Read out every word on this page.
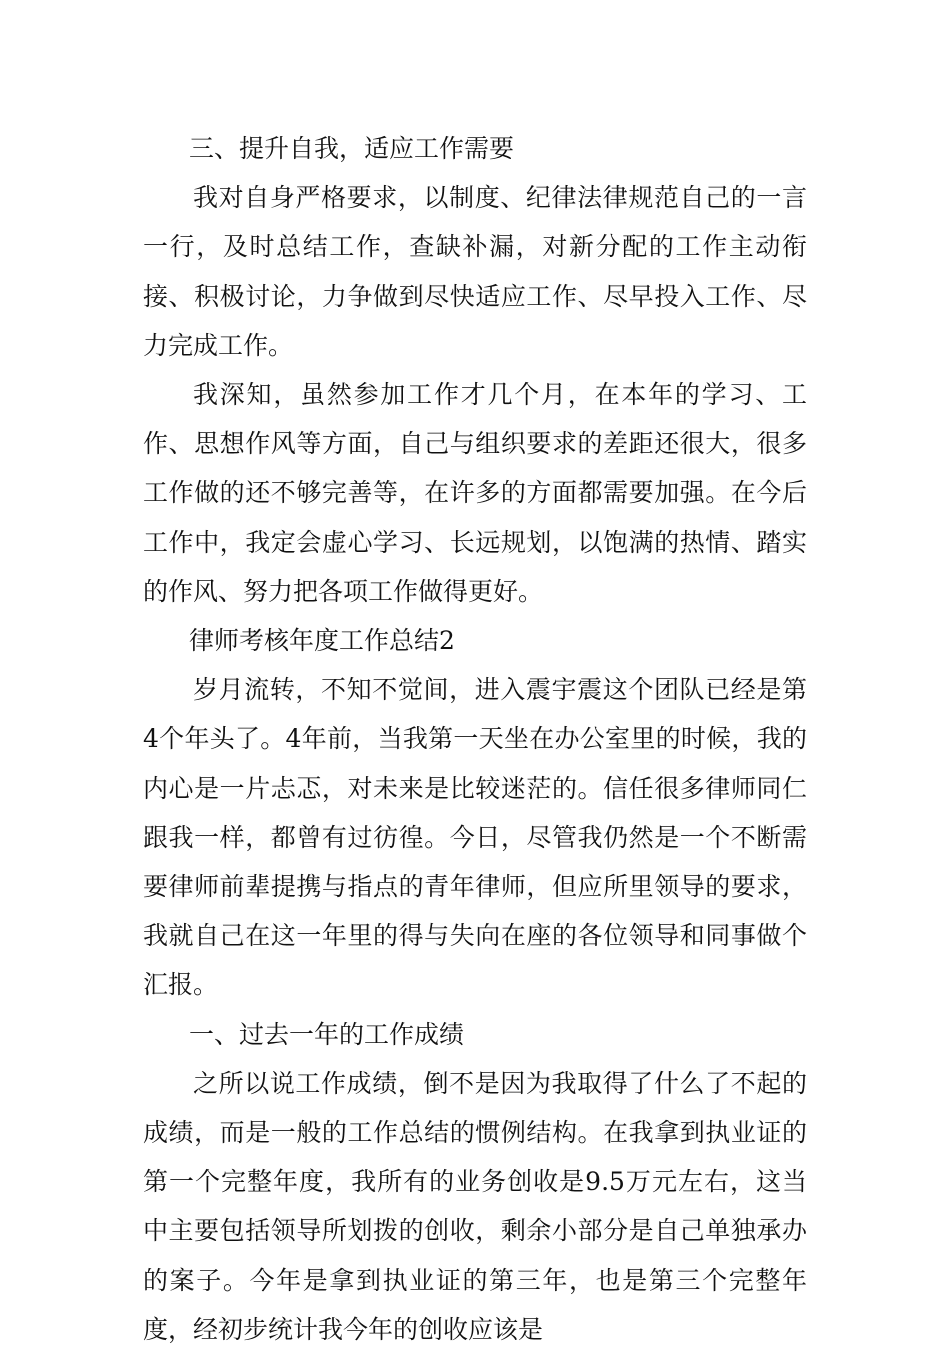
三、提升自我，适应工作需要

我对自身严格要求，以制度、纪律法律规范自己的一言一行，及时总结工作，查缺补漏，对新分配的工作主动衔接、积极讨论，力争做到尽快适应工作、尽早投入工作、尽力完成工作。

我深知，虽然参加工作才几个月，在本年的学习、工作、思想作风等方面，自己与组织要求的差距还很大，很多工作做的还不够完善等，在许多的方面都需要加强。在今后工作中，我定会虚心学习、长远规划，以饱满的热情、踏实的作风、努力把各项工作做得更好。

律师考核年度工作总结2

岁月流转，不知不觉间，进入震宇震这个团队已经是第4个年头了。4年前，当我第一天坐在办公室里的时候，我的内心是一片忐忑，对未来是比较迷茫的。信任很多律师同仁跟我一样，都曾有过彷徨。今日，尽管我仍然是一个不断需要律师前辈提携与指点的青年律师，但应所里领导的要求，我就自己在这一年里的得与失向在座的各位领导和同事做个汇报。

一、过去一年的工作成绩

之所以说工作成绩，倒不是因为我取得了什么了不起的成绩，而是一般的工作总结的惯例结构。在我拿到执业证的第一个完整年度，我所有的业务创收是9.5万元左右，这当中主要包括领导所划拨的创收，剩余小部分是自己单独承办的案子。今年是拿到执业证的第三年，也是第三个完整年度，经初步统计我今年的创收应该是
